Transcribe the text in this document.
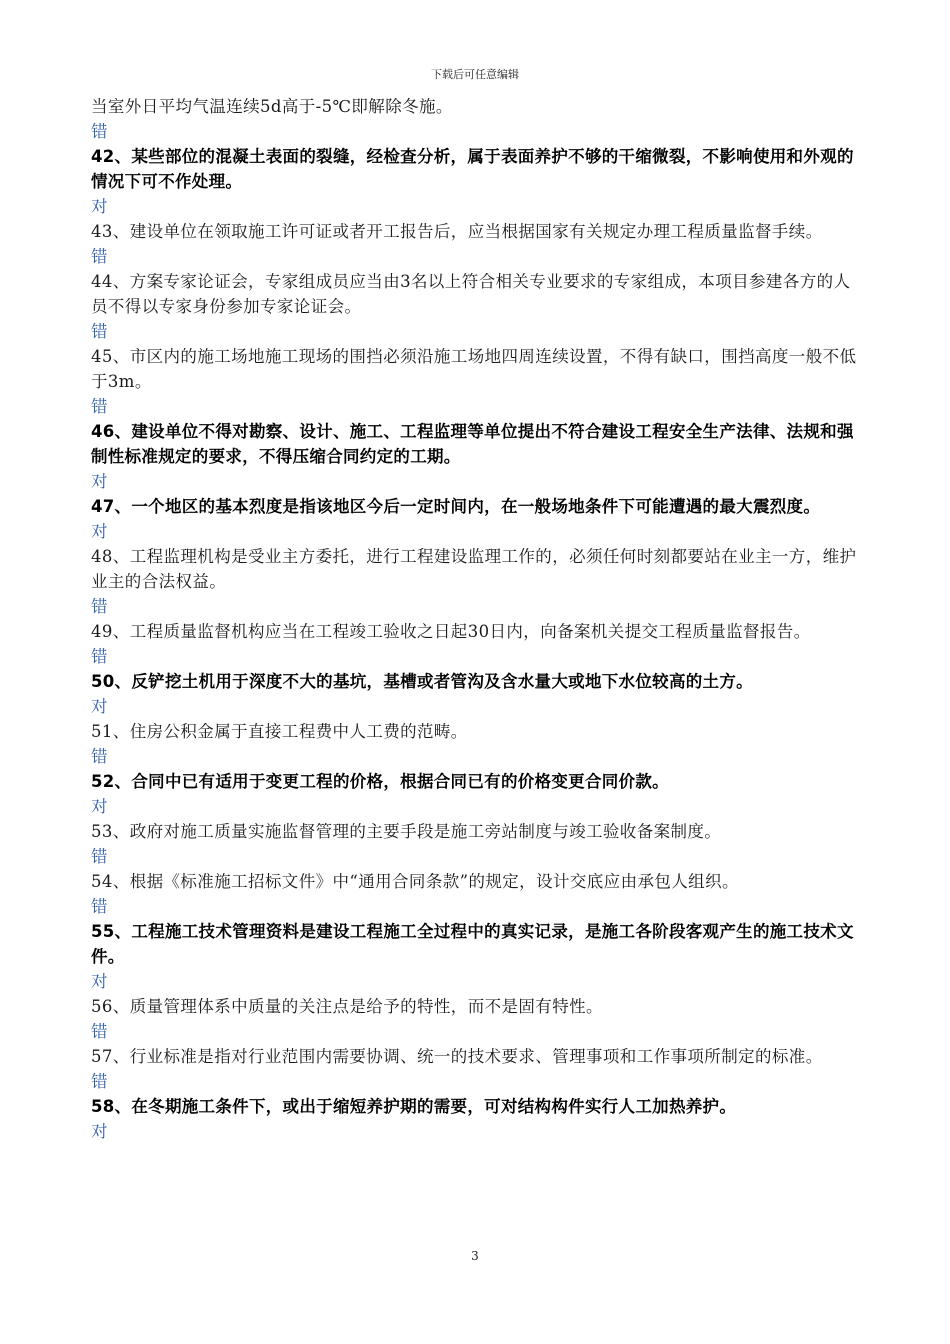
下载后可任意编辑

当室外日平均气温连续5d高于-5℃即解除冬施。

错

42、某些部位的混凝土表面的裂缝，经检查分析，属于表面养护不够的干缩微裂，不影响使用和外观的情况下可不作处理。

对

43、建设单位在领取施工许可证或者开工报告后，应当根据国家有关规定办理工程质量监督手续。

错

44、方案专家论证会，专家组成员应当由3名以上符合相关专业要求的专家组成，本项目参建各方的人员不得以专家身份参加专家论证会。

错

45、市区内的施工场地施工现场的围挡必须沿施工场地四周连续设置，不得有缺口，围挡高度一般不低于3m。

错

46、建设单位不得对勘察、设计、施工、工程监理等单位提出不符合建设工程安全生产法律、法规和强制性标准规定的要求，不得压缩合同约定的工期。

对

47、一个地区的基本烈度是指该地区今后一定时间内，在一般场地条件下可能遭遇的最大震烈度。

对

48、工程监理机构是受业主方委托，进行工程建设监理工作的，必须任何时刻都要站在业主一方，维护业主的合法权益。

错

49、工程质量监督机构应当在工程竣工验收之日起30日内，向备案机关提交工程质量监督报告。

错

50、反铲挖土机用于深度不大的基坑，基槽或者管沟及含水量大或地下水位较高的土方。

对

51、住房公积金属于直接工程费中人工费的范畴。

错

52、合同中已有适用于变更工程的价格，根据合同已有的价格变更合同价款。

对

53、政府对施工质量实施监督管理的主要手段是施工旁站制度与竣工验收备案制度。

错

54、根据《标准施工招标文件》中“通用合同条款”的规定，设计交底应由承包人组织。

错

55、工程施工技术管理资料是建设工程施工全过程中的真实记录，是施工各阶段客观产生的施工技术文件。

对

56、质量管理体系中质量的关注点是给予的特性，而不是固有特性。

错

57、行业标准是指对行业范围内需要协调、统一的技术要求、管理事项和工作事项所制定的标准。

错

58、在冬期施工条件下，或出于缩短养护期的需要，可对结构构件实行人工加热养护。

对

3
